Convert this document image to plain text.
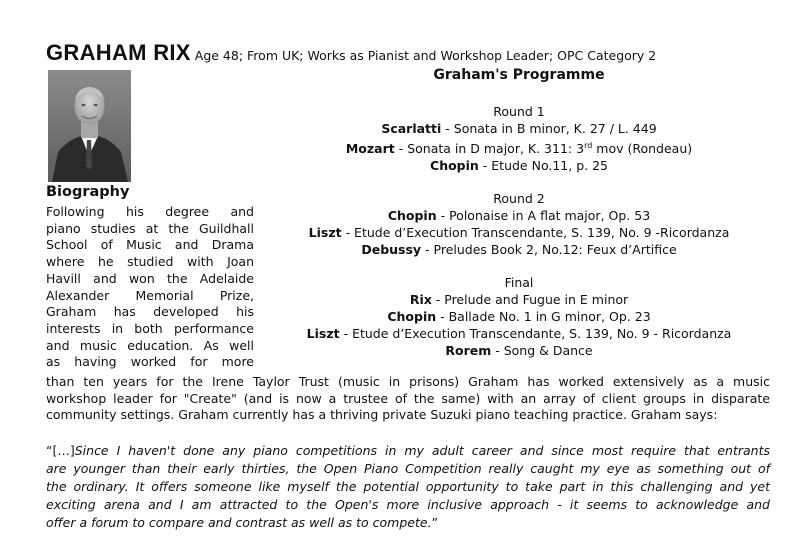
GRAHAM RIX Age 48; From UK; Works as Pianist and Workshop Leader; OPC Category 2
Biography

Following his degree and

piano studies at the Guildhall

School of Music and Drama

where he studied with Joan

Havill and won the Adelaide

Alexander Memorial Prize,

Graham has developed his

interests in both performance

and music education. As well

as having worked for more

Graham's Programme
Round 1
Scarlatti - Sonata in B minor, K. 27 / L. 449
Mozart - Sonata in D major, K. 311: 3rd mov (Rondeau)
Chopin - Etude No.11, p. 25
Round 2
Chopin - Polonaise in A flat major, Op. 53
Liszt - Etude d’Execution Transcendante, S. 139, No. 9 -Ricordanza
Debussy - Preludes Book 2, No.12: Feux d’Artifice
Final
Rix - Prelude and Fugue in E minor
Chopin - Ballade No. 1 in G minor, Op. 23
Liszt - Etude d’Execution Transcendante, S. 139, No. 9 - Ricordanza
Rorem - Song & Dance

than ten years for the Irene Taylor Trust (music in prisons) Graham has worked extensively as a music

workshop leader for "Create" (and is now a trustee of the same) with an array of client groups in disparate

community settings. Graham currently has a thriving private Suzuki piano teaching practice. Graham says:

“[…]Since I haven't done any piano competitions in my adult career and since most require that entrants

are younger than their early thirties, the Open Piano Competition really caught my eye as something out of

the ordinary. It offers someone like myself the potential opportunity to take part in this challenging and yet

exciting arena and I am attracted to the Open's more inclusive approach - it seems to acknowledge and

offer a forum to compare and contrast as well as to compete.”
